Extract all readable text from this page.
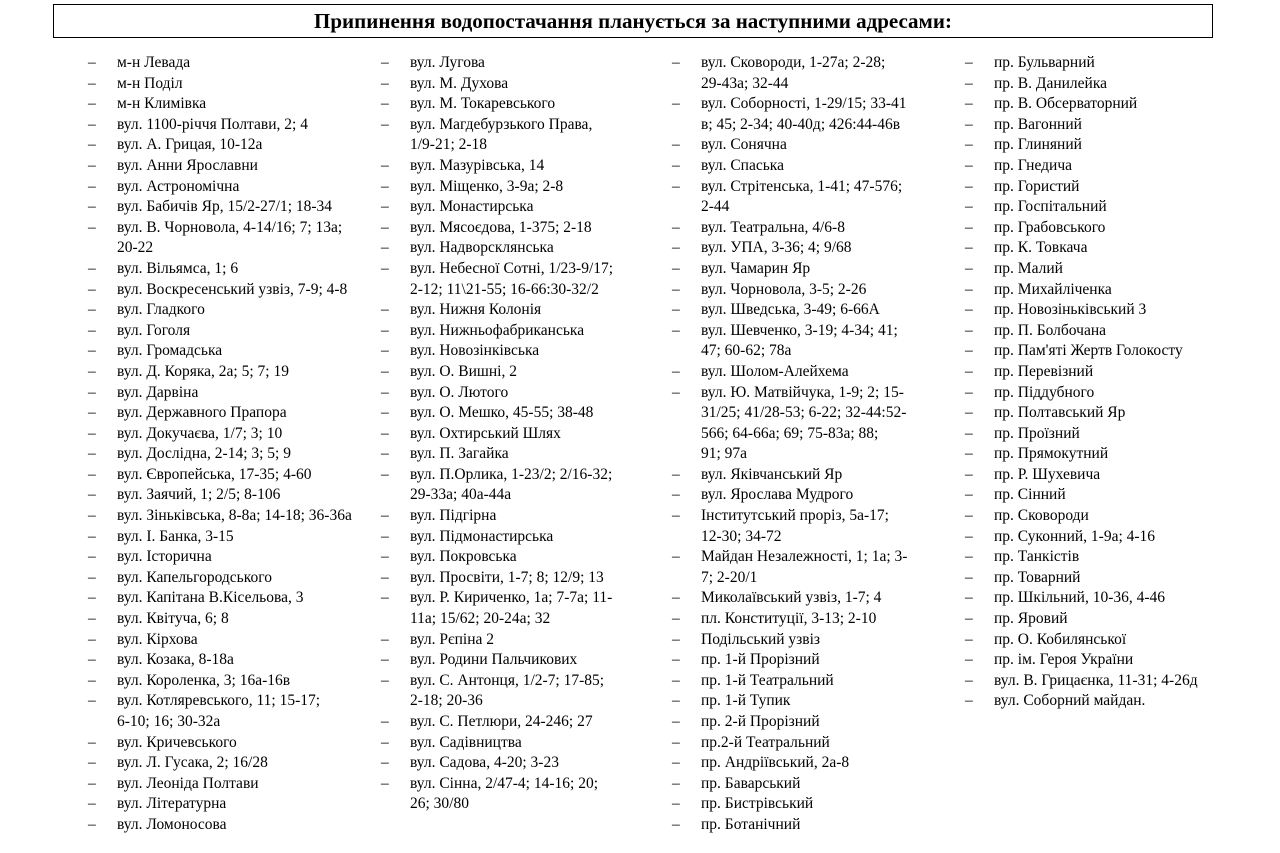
Припинення водопостачання планується за наступними адресами:
– м-н Левада
– м-н Поділ
– м-н Климівка
– вул. 1100-річчя Полтави, 2; 4
– вул. А. Грицая, 10-12а
– вул. Анни Ярославни
– вул. Астрономічна
– вул. Бабичів Яр, 15/2-27/1; 18-34
– вул. В. Чорновола, 4-14/16; 7; 13а;
20-22
– вул. Вільямса, 1; 6
– вул. Воскресенський узвіз, 7-9; 4-8
– вул. Гладкого
– вул. Гоголя
– вул. Громадська
– вул. Д. Коряка, 2а; 5; 7; 19
– вул. Дарвіна
– вул. Державного Прапора
– вул. Докучаєва, 1/7; 3; 10
– вул. Дослідна, 2-14; 3; 5; 9
– вул. Європейська, 17-35; 4-60
– вул. Заячий, 1; 2/5; 8-106
– вул. Зіньківська, 8-8а; 14-18; 36-36а
– вул. І. Банка, 3-15
– вул. Історична
– вул. Капельгородського
– вул. Капітана В.Кісельова, 3
– вул. Квітуча, 6; 8
– вул. Кірхова
– вул. Козака, 8-18а
– вул. Короленка, 3; 16а-16в
– вул. Котляревського, 11; 15-17;
6-10; 16; 30-32а
– вул. Кричевського
– вул. Л. Гусака, 2; 16/28
– вул. Леоніда Полтави
– вул. Літературна
– вул. Ломоносова
– вул. Лугова
– вул. М. Духова
– вул. М. Токаревського
– вул. Магдебурзького Права,
1/9-21; 2-18
– вул. Мазурівська, 14
– вул. Міщенко, 3-9а; 2-8
– вул. Монастирська
– вул. Мясоєдова, 1-375; 2-18
– вул. Надворсклянська
– вул. Небесної Сотні, 1/23-9/17;
2-12; 11\21-55; 16-66:30-32/2
– вул. Нижня Колонія
– вул. Нижньофабриканська
– вул. Новозінківська
– вул. О. Вишні, 2
– вул. О. Лютого
– вул. О. Мешко, 45-55; 38-48
– вул. Охтирський Шлях
– вул. П. Загайка
– вул. П.Орлика, 1-23/2; 2/16-32;
29-33а; 40а-44а
– вул. Підгірна
– вул. Підмонастирська
– вул. Покровська
– вул. Просвіти, 1-7; 8; 12/9; 13
– вул. Р. Кириченко, 1а; 7-7а; 11-
11а; 15/62; 20-24а; 32
– вул. Рєпіна 2
– вул. Родини Пальчикових
– вул. С. Антонця, 1/2-7; 17-85;
2-18; 20-36
– вул. С. Петлюри, 24-246; 27
– вул. Садівництва
– вул. Садова, 4-20; 3-23
– вул. Сінна, 2/47-4; 14-16; 20;
26; 30/80
– вул. Сковороди, 1-27а; 2-28;
29-43а; 32-44
– вул. Соборності, 1-29/15; 33-41
в; 45; 2-34; 40-40д; 426:44-46в
– вул. Сонячна
– вул. Спаська
– вул. Стрітенська, 1-41; 47-576;
2-44
– вул. Театральна, 4/6-8
– вул. УПА, 3-36; 4; 9/68
– вул. Чамарин Яр
– вул. Чорновола, 3-5; 2-26
– вул. Шведська, 3-49; 6-66А
– вул. Шевченко, 3-19; 4-34; 41;
47; 60-62; 78а
– вул. Шолом-Алейхема
– вул. Ю. Матвійчука, 1-9; 2; 15-
31/25; 41/28-53; 6-22; 32-44:52-
566; 64-66а; 69; 75-83а; 88;
91; 97а
– вул. Яківчанський Яр
– вул. Ярослава Мудрого
– Інститутський проріз, 5а-17;
12-30; 34-72
– Майдан Незалежності, 1; 1а; 3-
7; 2-20/1
– Миколаївський узвіз, 1-7; 4
– пл. Конституції, 3-13; 2-10
– Подільський узвіз
– пр. 1-й Прорізний
– пр. 1-й Театральний
– пр. 1-й Тупик
– пр. 2-й Прорізний
– пр.2-й Театральний
– пр. Андріївський, 2а-8
– пр. Баварський
– пр. Бистрівський
– пр. Ботанічний
– пр. Бульварний
– пр. В. Данилейка
– пр. В. Обсерваторний
– пр. Вагонний
– пр. Глиняний
– пр. Гнедича
– пр. Гористий
– пр. Госпітальний
– пр. Грабовського
– пр. К. Товкача
– пр. Малий
– пр. Михайліченка
– пр. Новозіньківський 3
– пр. П. Болбочана
– пр. Пам'яті Жертв Голокосту
– пр. Перевізний
– пр. Піддубного
– пр. Полтавський Яр
– пр. Проїзний
– пр. Прямокутний
– пр. Р. Шухевича
– пр. Сінний
– пр. Сковороди
– пр. Суконний, 1-9а; 4-16
– пр. Танкістів
– пр. Товарний
– пр. Шкільний, 10-36, 4-46
– пр. Яровий
– пр. О. Кобилянської
– пр. ім. Героя України
– вул. В. Грицаєнка, 11-31; 4-26д
– вул. Соборний майдан.
